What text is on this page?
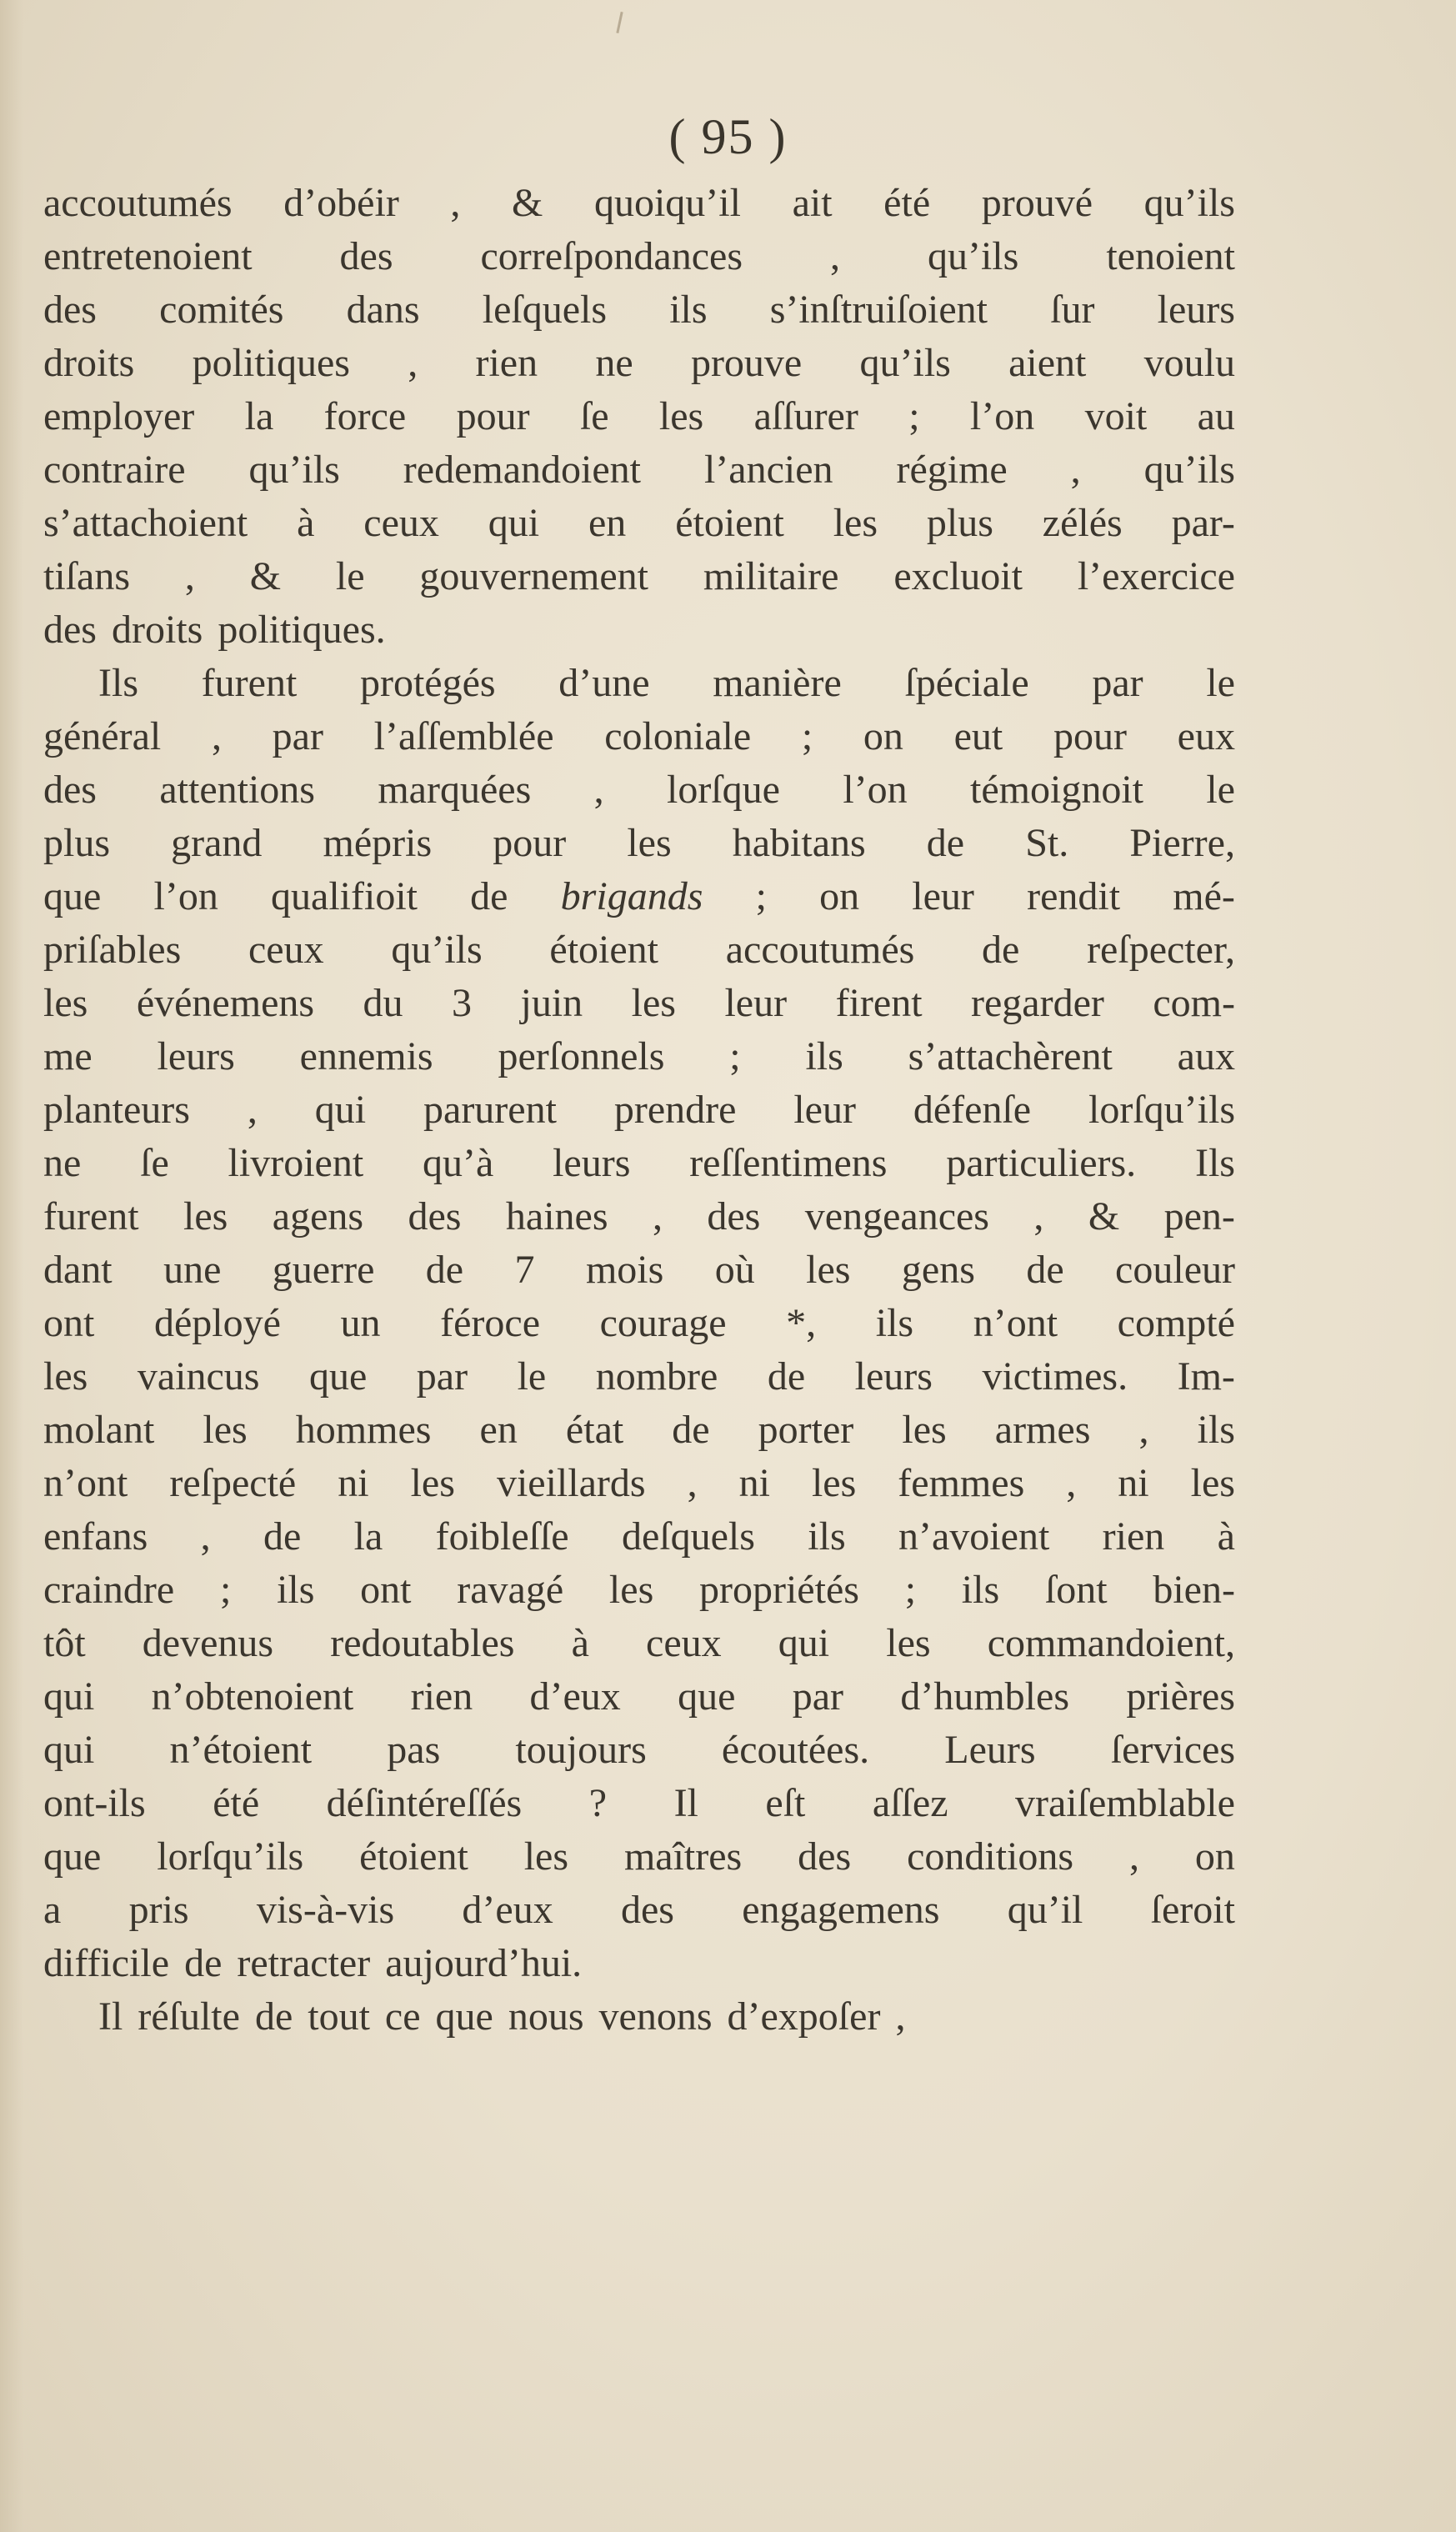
( 95 )
accoutumés d’obéir , & quoiqu’il ait été prouvé qu’ils
entretenoient des correſpondances , qu’ils tenoient
des comités dans leſquels ils s’inſtruiſoient ſur leurs
droits politiques , rien ne prouve qu’ils aient voulu
employer la force pour ſe les aſſurer ; l’on voit au
contraire qu’ils redemandoient l’ancien régime , qu’ils
s’attachoient à ceux qui en étoient les plus zélés par-
tiſans , & le gouvernement militaire excluoit l’exercice
des droits politiques.
Ils furent protégés d’une manière ſpéciale par le
général , par l’aſſemblée coloniale ; on eut pour eux
des attentions marquées , lorſque l’on témoignoit le
plus grand mépris pour les habitans de St. Pierre,
que l’on qualifioit de brigands ; on leur rendit mé-
priſables ceux qu’ils étoient accoutumés de reſpecter,
les événemens du 3 juin les leur firent regarder com-
me leurs ennemis perſonnels ; ils s’attachèrent aux
planteurs , qui parurent prendre leur défenſe lorſqu’ils
ne ſe livroient qu’à leurs reſſentimens particuliers. Ils
furent les agens des haines , des vengeances , & pen-
dant une guerre de 7 mois où les gens de couleur
ont déployé un féroce courage *, ils n’ont compté
les vaincus que par le nombre de leurs victimes. Im-
molant les hommes en état de porter les armes , ils
n’ont reſpecté ni les vieillards , ni les femmes , ni les
enfans , de la foibleſſe deſquels ils n’avoient rien à
craindre ; ils ont ravagé les propriétés ; ils ſont bien-
tôt devenus redoutables à ceux qui les commandoient,
qui n’obtenoient rien d’eux que par d’humbles prières
qui n’étoient pas toujours écoutées. Leurs ſervices
ont-ils été déſintéreſſés ? Il eſt aſſez vraiſemblable
que lorſqu’ils étoient les maîtres des conditions , on
a pris vis-à-vis d’eux des engagemens qu’il ſeroit
difficile de retracter aujourd’hui.
Il réſulte de tout ce que nous venons d’expoſer ,
